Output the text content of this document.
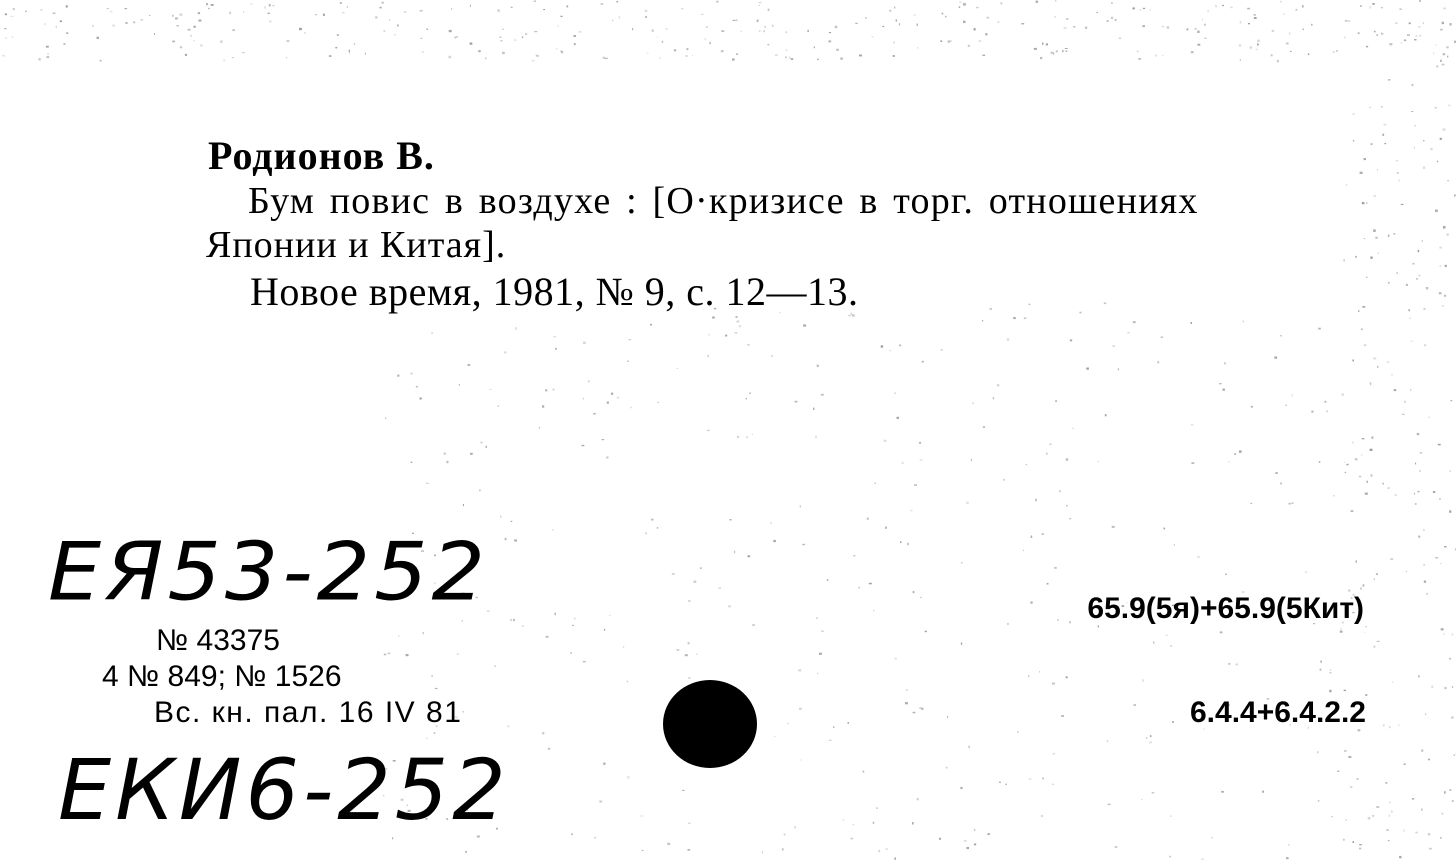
Родионов В.
Бум повис в воздухе : [О·кризисе в торг. отношениях
Японии и Китая].
Новое время, 1981, № 9, с. 12—13.
EЯ53-252
№ 43375
4 № 849; № 1526
Вс. кн. пал. 16 IV 81
EКИ6-252
65.9(5я)+65.9(5Кит)
6.4.4+6.4.2.2
